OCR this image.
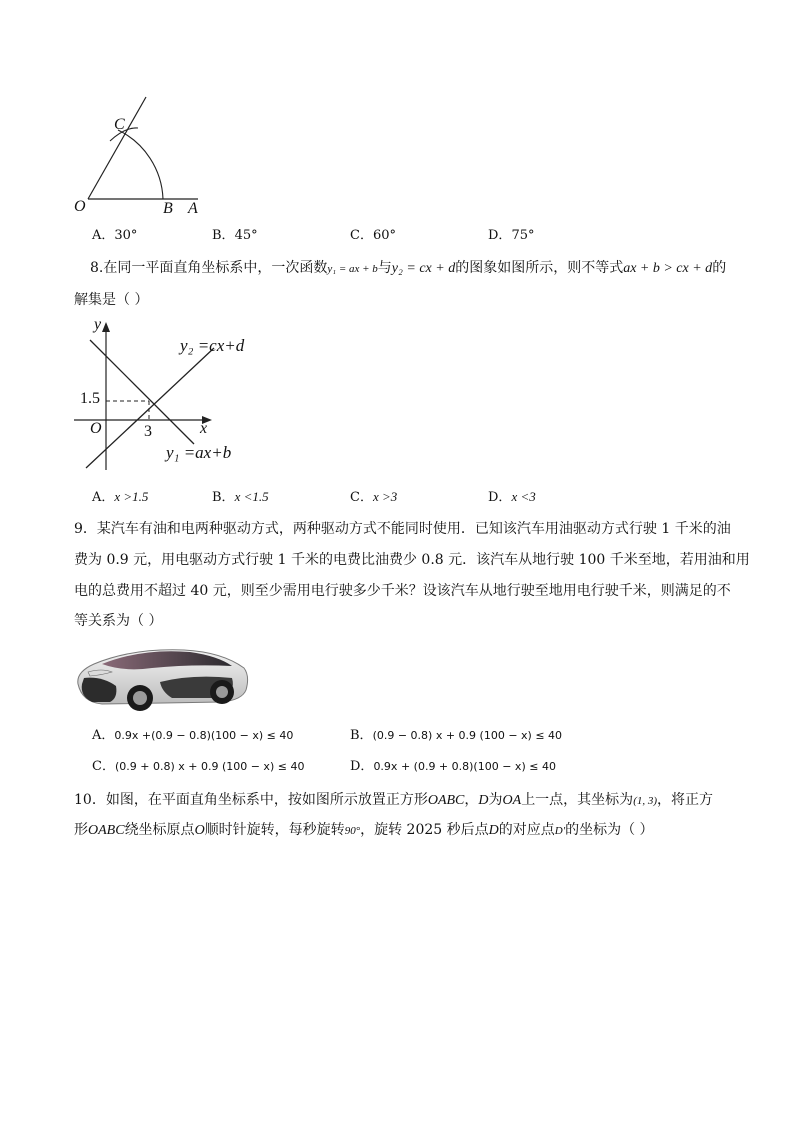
C
O	B A
A．30°	B．45°	C．60°	D．75°
8.在同一平面直角坐标系中，一次函数y₁ = ax + b与y₂ = cx + d的图象如图所示，则不等式ax + b > cx + d的
解集是（ ）
y
x
O
1.5
3
y₂ =cx+d
y₁ =ax+b
A．x >1.5	B．x <1.5	C．x >3	D．x <3
9．某汽车有油和电两种驱动方式，两种驱动方式不能同时使用．已知该汽车用油驱动方式行驶 1 千米的油
费为 0.9 元，用电驱动方式行驶 1 千米的电费比油费少 0.8 元．该汽车从地行驶 100 千米至地，若用油和用
电的总费用不超过 40 元，则至少需用电行驶多少千米？设该汽车从地行驶至地用电行驶千米，则满足的不
等关系为（ ）
A．0.9x +(0.9 − 0.8)(100 − x) ≤ 40	B．(0.9 − 0.8) x + 0.9 (100 − x) ≤ 40
C．(0.9 + 0.8) x + 0.9 (100 − x) ≤ 40	D．0.9x + (0.9 + 0.8)(100 − x) ≤ 40
10．如图，在平面直角坐标系中，按如图所示放置正方形OABC，D为OA上一点，其坐标为(1, 3)，将正方
形OABC绕坐标原点O顺时针旋转，每秒旋转90°，旋转 2025 秒后点D的对应点D′的坐标为（ ）
